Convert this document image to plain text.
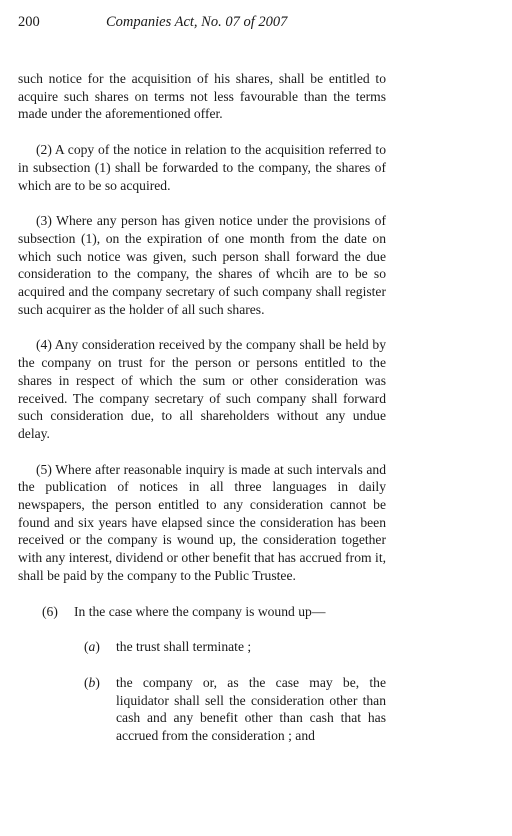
200	Companies Act, No. 07 of 2007

such notice for the acquisition of his shares, shall be entitled to acquire such shares on terms not less favourable than the terms made under the aforementioned offer.

(2) A copy of the notice in relation to the acquisition referred to in subsection (1) shall be forwarded to the company, the shares of which are to be so acquired.

(3) Where any person has given notice under the provisions of subsection (1), on the expiration of one month from the date on which such notice was given, such person shall forward the due consideration to the company, the shares of whcih are to be so acquired and the company secretary of such company shall register such acquirer as the holder of all such shares.

(4) Any consideration received by the company shall be held by the company on trust for the person or persons entitled to the shares in respect of which the sum or other consideration was received. The company secretary of such company shall forward such consideration due, to all shareholders without any undue delay.

(5) Where after reasonable inquiry is made at such intervals and the publication of notices in all three languages in daily newspapers, the person entitled to any consideration cannot be found and six years have elapsed since the consideration has been received or the company is wound up, the consideration together with any interest, dividend or other benefit that has accrued from it, shall be paid by the company to the Public Trustee.

(6) In the case where the company is wound up—
(a)	the trust shall terminate ;
(b)	the company or, as the case may be, the liquidator shall sell the consideration other than cash and any benefit other than cash that has accrued from the consideration ; and
